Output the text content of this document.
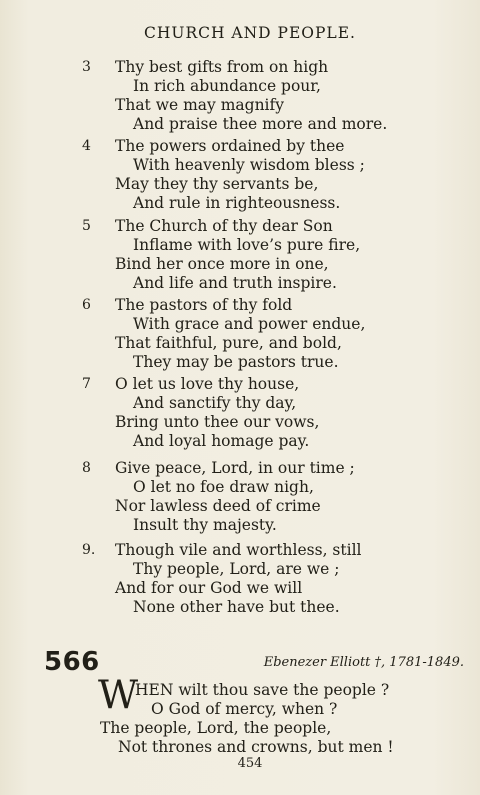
CHURCH AND PEOPLE.
3 Thy best gifts from on high
In rich abundance pour,
That we may magnify
And praise thee more and more.
4 The powers ordained by thee
With heavenly wisdom bless ;
May they thy servants be,
And rule in righteousness.
5 The Church of thy dear Son
Inflame with love’s pure fire,
Bind her once more in one,
And life and truth inspire.
6 The pastors of thy fold
With grace and power endue,
That faithful, pure, and bold,
They may be pastors true.
7 O let us love thy house,
And sanctify thy day,
Bring unto thee our vows,
And loyal homage pay.
8 Give peace, Lord, in our time ;
O let no foe draw nigh,
Nor lawless deed of crime
Insult thy majesty.
9. Though vile and worthless, still
Thy people, Lord, are we ;
And for our God we will
None other have but thee.
566	Ebenezer Elliott †, 1781-1849.
W
HEN wilt thou save the people ?
O God of mercy, when ?
The people, Lord, the people,
Not thrones and crowns, but men !
454
